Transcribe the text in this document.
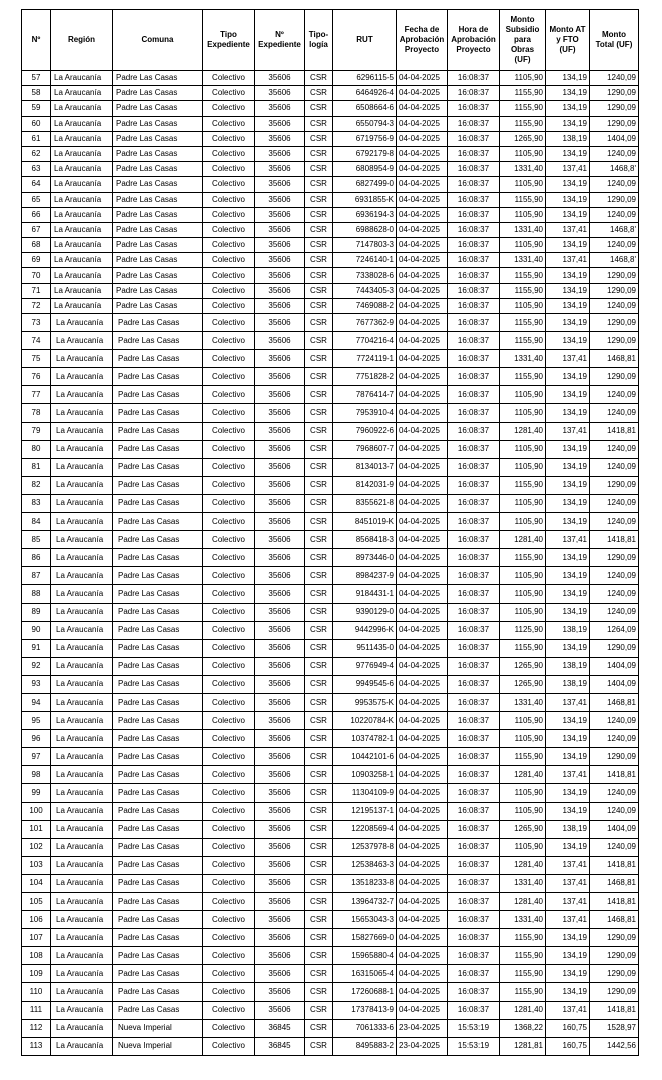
Nº	Región	Comuna	Tipo Expediente	Nº Expediente	Tipo-logía	RUT	Fecha de Aprobación Proyecto	Hora de Aprobación Proyecto	Monto Subsidio para Obras (UF)	Monto AT y FTO (UF)	Monto Total (UF)
57	La Araucanía	Padre Las Casas	Colectivo	35606	CSR	6296115-5	04-04-2025	16:08:37	1105,90	134,19	1240,09
58	La Araucanía	Padre Las Casas	Colectivo	35606	CSR	6464926-4	04-04-2025	16:08:37	1155,90	134,19	1290,09
59	La Araucanía	Padre Las Casas	Colectivo	35606	CSR	6508664-6	04-04-2025	16:08:37	1155,90	134,19	1290,09
60	La Araucanía	Padre Las Casas	Colectivo	35606	CSR	6550794-3	04-04-2025	16:08:37	1155,90	134,19	1290,09
61	La Araucanía	Padre Las Casas	Colectivo	35606	CSR	6719756-9	04-04-2025	16:08:37	1265,90	138,19	1404,09
62	La Araucanía	Padre Las Casas	Colectivo	35606	CSR	6792179-8	04-04-2025	16:08:37	1105,90	134,19	1240,09
63	La Araucanía	Padre Las Casas	Colectivo	35606	CSR	6808954-9	04-04-2025	16:08:37	1331,40	137,41	1468,8'
64	La Araucanía	Padre Las Casas	Colectivo	35606	CSR	6827499-0	04-04-2025	16:08:37	1105,90	134,19	1240,09
65	La Araucanía	Padre Las Casas	Colectivo	35606	CSR	6931855-K	04-04-2025	16:08:37	1155,90	134,19	1290,09
66	La Araucanía	Padre Las Casas	Colectivo	35606	CSR	6936194-3	04-04-2025	16:08:37	1105,90	134,19	1240,09
67	La Araucanía	Padre Las Casas	Colectivo	35606	CSR	6988628-0	04-04-2025	16:08:37	1331,40	137,41	1468,8'
68	La Araucanía	Padre Las Casas	Colectivo	35606	CSR	7147803-3	04-04-2025	16:08:37	1105,90	134,19	1240,09
69	La Araucanía	Padre Las Casas	Colectivo	35606	CSR	7246140-1	04-04-2025	16:08:37	1331,40	137,41	1468,8'
70	La Araucanía	Padre Las Casas	Colectivo	35606	CSR	7338028-6	04-04-2025	16:08:37	1155,90	134,19	1290,09
71	La Araucanía	Padre Las Casas	Colectivo	35606	CSR	7443405-3	04-04-2025	16:08:37	1155,90	134,19	1290,09
72	La Araucanía	Padre Las Casas	Colectivo	35606	CSR	7469088-2	04-04-2025	16:08:37	1105,90	134,19	1240,09
73	La Araucanía	Padre Las Casas	Colectivo	35606	CSR	7677362-9	04-04-2025	16:08:37	1155,90	134,19	1290,09
74	La Araucanía	Padre Las Casas	Colectivo	35606	CSR	7704216-4	04-04-2025	16:08:37	1155,90	134,19	1290,09
75	La Araucanía	Padre Las Casas	Colectivo	35606	CSR	7724119-1	04-04-2025	16:08:37	1331,40	137,41	1468,81
76	La Araucanía	Padre Las Casas	Colectivo	35606	CSR	7751828-2	04-04-2025	16:08:37	1155,90	134,19	1290,09
77	La Araucanía	Padre Las Casas	Colectivo	35606	CSR	7876414-7	04-04-2025	16:08:37	1105,90	134,19	1240,09
78	La Araucanía	Padre Las Casas	Colectivo	35606	CSR	7953910-4	04-04-2025	16:08:37	1105,90	134,19	1240,09
79	La Araucanía	Padre Las Casas	Colectivo	35606	CSR	7960922-6	04-04-2025	16:08:37	1281,40	137,41	1418,81
80	La Araucanía	Padre Las Casas	Colectivo	35606	CSR	7968607-7	04-04-2025	16:08:37	1105,90	134,19	1240,09
81	La Araucanía	Padre Las Casas	Colectivo	35606	CSR	8134013-7	04-04-2025	16:08:37	1105,90	134,19	1240,09
82	La Araucanía	Padre Las Casas	Colectivo	35606	CSR	8142031-9	04-04-2025	16:08:37	1155,90	134,19	1290,09
83	La Araucanía	Padre Las Casas	Colectivo	35606	CSR	8355621-8	04-04-2025	16:08:37	1105,90	134,19	1240,09
84	La Araucanía	Padre Las Casas	Colectivo	35606	CSR	8451019-K	04-04-2025	16:08:37	1105,90	134,19	1240,09
85	La Araucanía	Padre Las Casas	Colectivo	35606	CSR	8568418-3	04-04-2025	16:08:37	1281,40	137,41	1418,81
86	La Araucanía	Padre Las Casas	Colectivo	35606	CSR	8973446-0	04-04-2025	16:08:37	1155,90	134,19	1290,09
87	La Araucanía	Padre Las Casas	Colectivo	35606	CSR	8984237-9	04-04-2025	16:08:37	1105,90	134,19	1240,09
88	La Araucanía	Padre Las Casas	Colectivo	35606	CSR	9184431-1	04-04-2025	16:08:37	1105,90	134,19	1240,09
89	La Araucanía	Padre Las Casas	Colectivo	35606	CSR	9390129-0	04-04-2025	16:08:37	1105,90	134,19	1240,09
90	La Araucanía	Padre Las Casas	Colectivo	35606	CSR	9442996-K	04-04-2025	16:08:37	1125,90	138,19	1264,09
91	La Araucanía	Padre Las Casas	Colectivo	35606	CSR	9511435-0	04-04-2025	16:08:37	1155,90	134,19	1290,09
92	La Araucanía	Padre Las Casas	Colectivo	35606	CSR	9776949-4	04-04-2025	16:08:37	1265,90	138,19	1404,09
93	La Araucanía	Padre Las Casas	Colectivo	35606	CSR	9949545-6	04-04-2025	16:08:37	1265,90	138,19	1404,09
94	La Araucanía	Padre Las Casas	Colectivo	35606	CSR	9953575-K	04-04-2025	16:08:37	1331,40	137,41	1468,81
95	La Araucanía	Padre Las Casas	Colectivo	35606	CSR	10220784-K	04-04-2025	16:08:37	1105,90	134,19	1240,09
96	La Araucanía	Padre Las Casas	Colectivo	35606	CSR	10374782-1	04-04-2025	16:08:37	1105,90	134,19	1240,09
97	La Araucanía	Padre Las Casas	Colectivo	35606	CSR	10442101-6	04-04-2025	16:08:37	1155,90	134,19	1290,09
98	La Araucanía	Padre Las Casas	Colectivo	35606	CSR	10903258-1	04-04-2025	16:08:37	1281,40	137,41	1418,81
99	La Araucanía	Padre Las Casas	Colectivo	35606	CSR	11304109-9	04-04-2025	16:08:37	1105,90	134,19	1240,09
100	La Araucanía	Padre Las Casas	Colectivo	35606	CSR	12195137-1	04-04-2025	16:08:37	1105,90	134,19	1240,09
101	La Araucanía	Padre Las Casas	Colectivo	35606	CSR	12208569-4	04-04-2025	16:08:37	1265,90	138,19	1404,09
102	La Araucanía	Padre Las Casas	Colectivo	35606	CSR	12537978-8	04-04-2025	16:08:37	1105,90	134,19	1240,09
103	La Araucanía	Padre Las Casas	Colectivo	35606	CSR	12538463-3	04-04-2025	16:08:37	1281,40	137,41	1418,81
104	La Araucanía	Padre Las Casas	Colectivo	35606	CSR	13518233-8	04-04-2025	16:08:37	1331,40	137,41	1468,81
105	La Araucanía	Padre Las Casas	Colectivo	35606	CSR	13964732-7	04-04-2025	16:08:37	1281,40	137,41	1418,81
106	La Araucanía	Padre Las Casas	Colectivo	35606	CSR	15653043-3	04-04-2025	16:08:37	1331,40	137,41	1468,81
107	La Araucanía	Padre Las Casas	Colectivo	35606	CSR	15827669-0	04-04-2025	16:08:37	1155,90	134,19	1290,09
108	La Araucanía	Padre Las Casas	Colectivo	35606	CSR	15965880-4	04-04-2025	16:08:37	1155,90	134,19	1290,09
109	La Araucanía	Padre Las Casas	Colectivo	35606	CSR	16315065-4	04-04-2025	16:08:37	1155,90	134,19	1290,09
110	La Araucanía	Padre Las Casas	Colectivo	35606	CSR	17260688-1	04-04-2025	16:08:37	1155,90	134,19	1290,09
111	La Araucanía	Padre Las Casas	Colectivo	35606	CSR	17378413-9	04-04-2025	16:08:37	1281,40	137,41	1418,81
112	La Araucanía	Nueva Imperial	Colectivo	36845	CSR	7061333-6	23-04-2025	15:53:19	1368,22	160,75	1528,97
113	La Araucanía	Nueva Imperial	Colectivo	36845	CSR	8495883-2	23-04-2025	15:53:19	1281,81	160,75	1442,56
